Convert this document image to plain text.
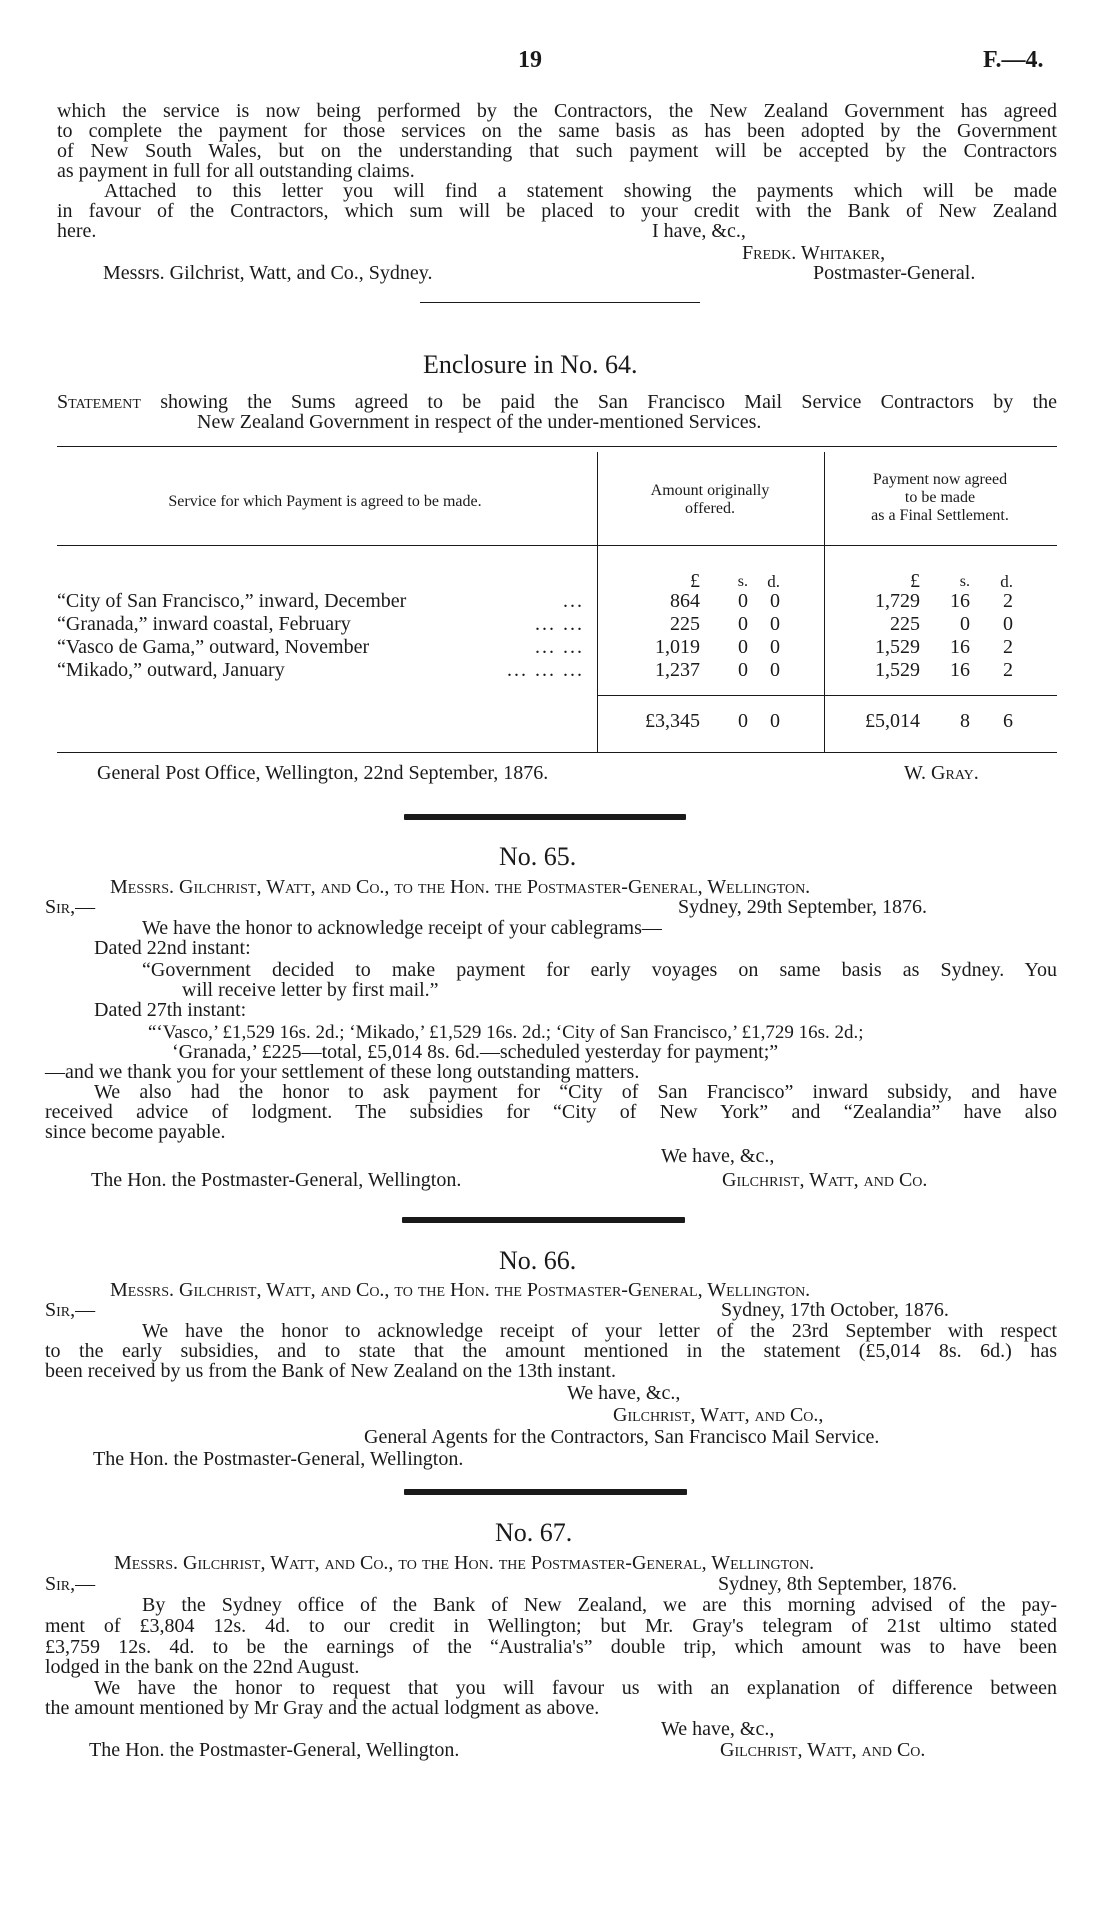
19	F.—4.
which the service is now being performed by the Contractors, the New Zealand Government has agreed
to complete the payment for those services on the same basis as has been adopted by the Government
of New South Wales, but on the understanding that such payment will be accepted by the Contractors
as payment in full for all outstanding claims.
Attached to this letter you will find a statement showing the payments which will be made
in favour of the Contractors, which sum will be placed to your credit with the Bank of New Zealand
here.	I have, &c.,
Fredk. Whitaker,
Messrs. Gilchrist, Watt, and Co., Sydney.	Postmaster-General.
Enclosure in No. 64.
Statement showing the Sums agreed to be paid the San Francisco Mail Service Contractors by the
New Zealand Government in respect of the under-mentioned Services.
Service for which Payment is agreed to be made.
Amount originally
offered.
Payment now agreed
to be made
as a Final Settlement.
£	s.	d.	£	s.	d.
“City of San Francisco,” inward, December	...	864	0	0	1,729	16	2
“Granada,” inward coastal, February	... ...	225	0	0	225	0	0
“Vasco de Gama,” outward, November	... ...	1,019	0	0	1,529	16	2
“Mikado,” outward, January	... ... ...	1,237	0	0	1,529	16	2
£3,345	0	0	£5,014	8	6
General Post Office, Wellington, 22nd September, 1876.	W. Gray.
No. 65.
Messrs. Gilchrist, Watt, and Co., to the Hon. the Postmaster-General, Wellington.
Sir,—	Sydney, 29th September, 1876.
We have the honor to acknowledge receipt of your cablegrams—
Dated 22nd instant:
“Government decided to make payment for early voyages on same basis as Sydney. You
will receive letter by first mail.”
Dated 27th instant:
“‘Vasco,’ £1,529 16s. 2d.; ‘Mikado,’ £1,529 16s. 2d.; ‘City of San Francisco,’ £1,729 16s. 2d.;
‘Granada,’ £225—total, £5,014 8s. 6d.—scheduled yesterday for payment;”
—and we thank you for your settlement of these long outstanding matters.
We also had the honor to ask payment for “City of San Francisco” inward subsidy, and have
received advice of lodgment. The subsidies for “City of New York” and “Zealandia” have also
since become payable.
We have, &c.,
The Hon. the Postmaster-General, Wellington.	Gilchrist, Watt, and Co.
No. 66.
Messrs. Gilchrist, Watt, and Co., to the Hon. the Postmaster-General, Wellington.
Sir,—	Sydney, 17th October, 1876.
We have the honor to acknowledge receipt of your letter of the 23rd September with respect
to the early subsidies, and to state that the amount mentioned in the statement (£5,014 8s. 6d.) has
been received by us from the Bank of New Zealand on the 13th instant.
We have, &c.,
Gilchrist, Watt, and Co.,
General Agents for the Contractors, San Francisco Mail Service.
The Hon. the Postmaster-General, Wellington.
No. 67.
Messrs. Gilchrist, Watt, and Co., to the Hon. the Postmaster-General, Wellington.
Sir,—	Sydney, 8th September, 1876.
By the Sydney office of the Bank of New Zealand, we are this morning advised of the pay-
ment of £3,804 12s. 4d. to our credit in Wellington; but Mr. Gray's telegram of 21st ultimo stated
£3,759 12s. 4d. to be the earnings of the “Australia's” double trip, which amount was to have been
lodged in the bank on the 22nd August.
We have the honor to request that you will favour us with an explanation of difference between
the amount mentioned by Mr Gray and the actual lodgment as above.
We have, &c.,
The Hon. the Postmaster-General, Wellington.	Gilchrist, Watt, and Co.
